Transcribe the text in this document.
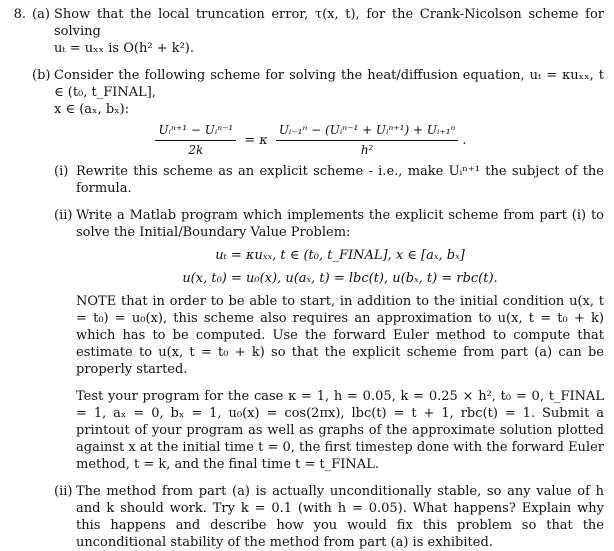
8. (a) Show that the local truncation error, τ(x, t), for the Crank-Nicolson scheme for solving

uₜ = uₓₓ is O(h² + k²).

(b) Consider the following scheme for solving the heat/diffusion equation, uₜ = κuₓₓ, t ∈ (t₀, t_FINAL],

x ∈ (aₓ, bₓ):

$\frac{\text{Uᵢⁿ⁺¹ − Uᵢⁿ⁻¹}}{2k} = \kappa \frac{\text{Uᵢ₋₁ⁿ − (Uᵢⁿ⁻¹ + Uᵢⁿ⁺¹) + Uᵢ₊₁ⁿ}}{\text{h²}}$ .
(i) Rewrite this scheme as an explicit scheme - i.e., make Uᵢⁿ⁺¹ the subject of the formula.

(ii) Write a Matlab program which implements the explicit scheme from part (i) to solve the Initial/Boundary Value Problem:

uₜ = κuₓₓ, t ∈ (t₀, t_FINAL], x ∈ [aₓ, bₓ]
u(x, t₀) = u₀(x), u(aₓ, t) = lbc(t), u(bₓ, t) = rbc(t).

NOTE that in order to be able to start, in addition to the initial condition u(x, t = t₀) = u₀(x), this scheme also requires an approximation to u(x, t = t₀ + k) which has to be computed. Use the forward Euler method to compute that estimate to u(x, t = t₀ + k) so that the explicit scheme from part (a) can be properly started.

Test your program for the case κ = 1, h = 0.05, k = 0.25 × h², t₀ = 0, t_FINAL = 1, aₓ = 0, bₓ = 1, u₀(x) = cos(2πx), lbc(t) = t + 1, rbc(t) = 1. Submit a printout of your program as well as graphs of the approximate solution plotted against x at the initial time t = 0, the first timestep done with the forward Euler method, t = k, and the final time t = t_FINAL.

(ii) The method from part (a) is actually unconditionally stable, so any value of h and k should work. Try k = 0.1 (with h = 0.05). What happens? Explain why this happens and describe how you would fix this problem so that the unconditional stability of the method from part (a) is exhibited.
